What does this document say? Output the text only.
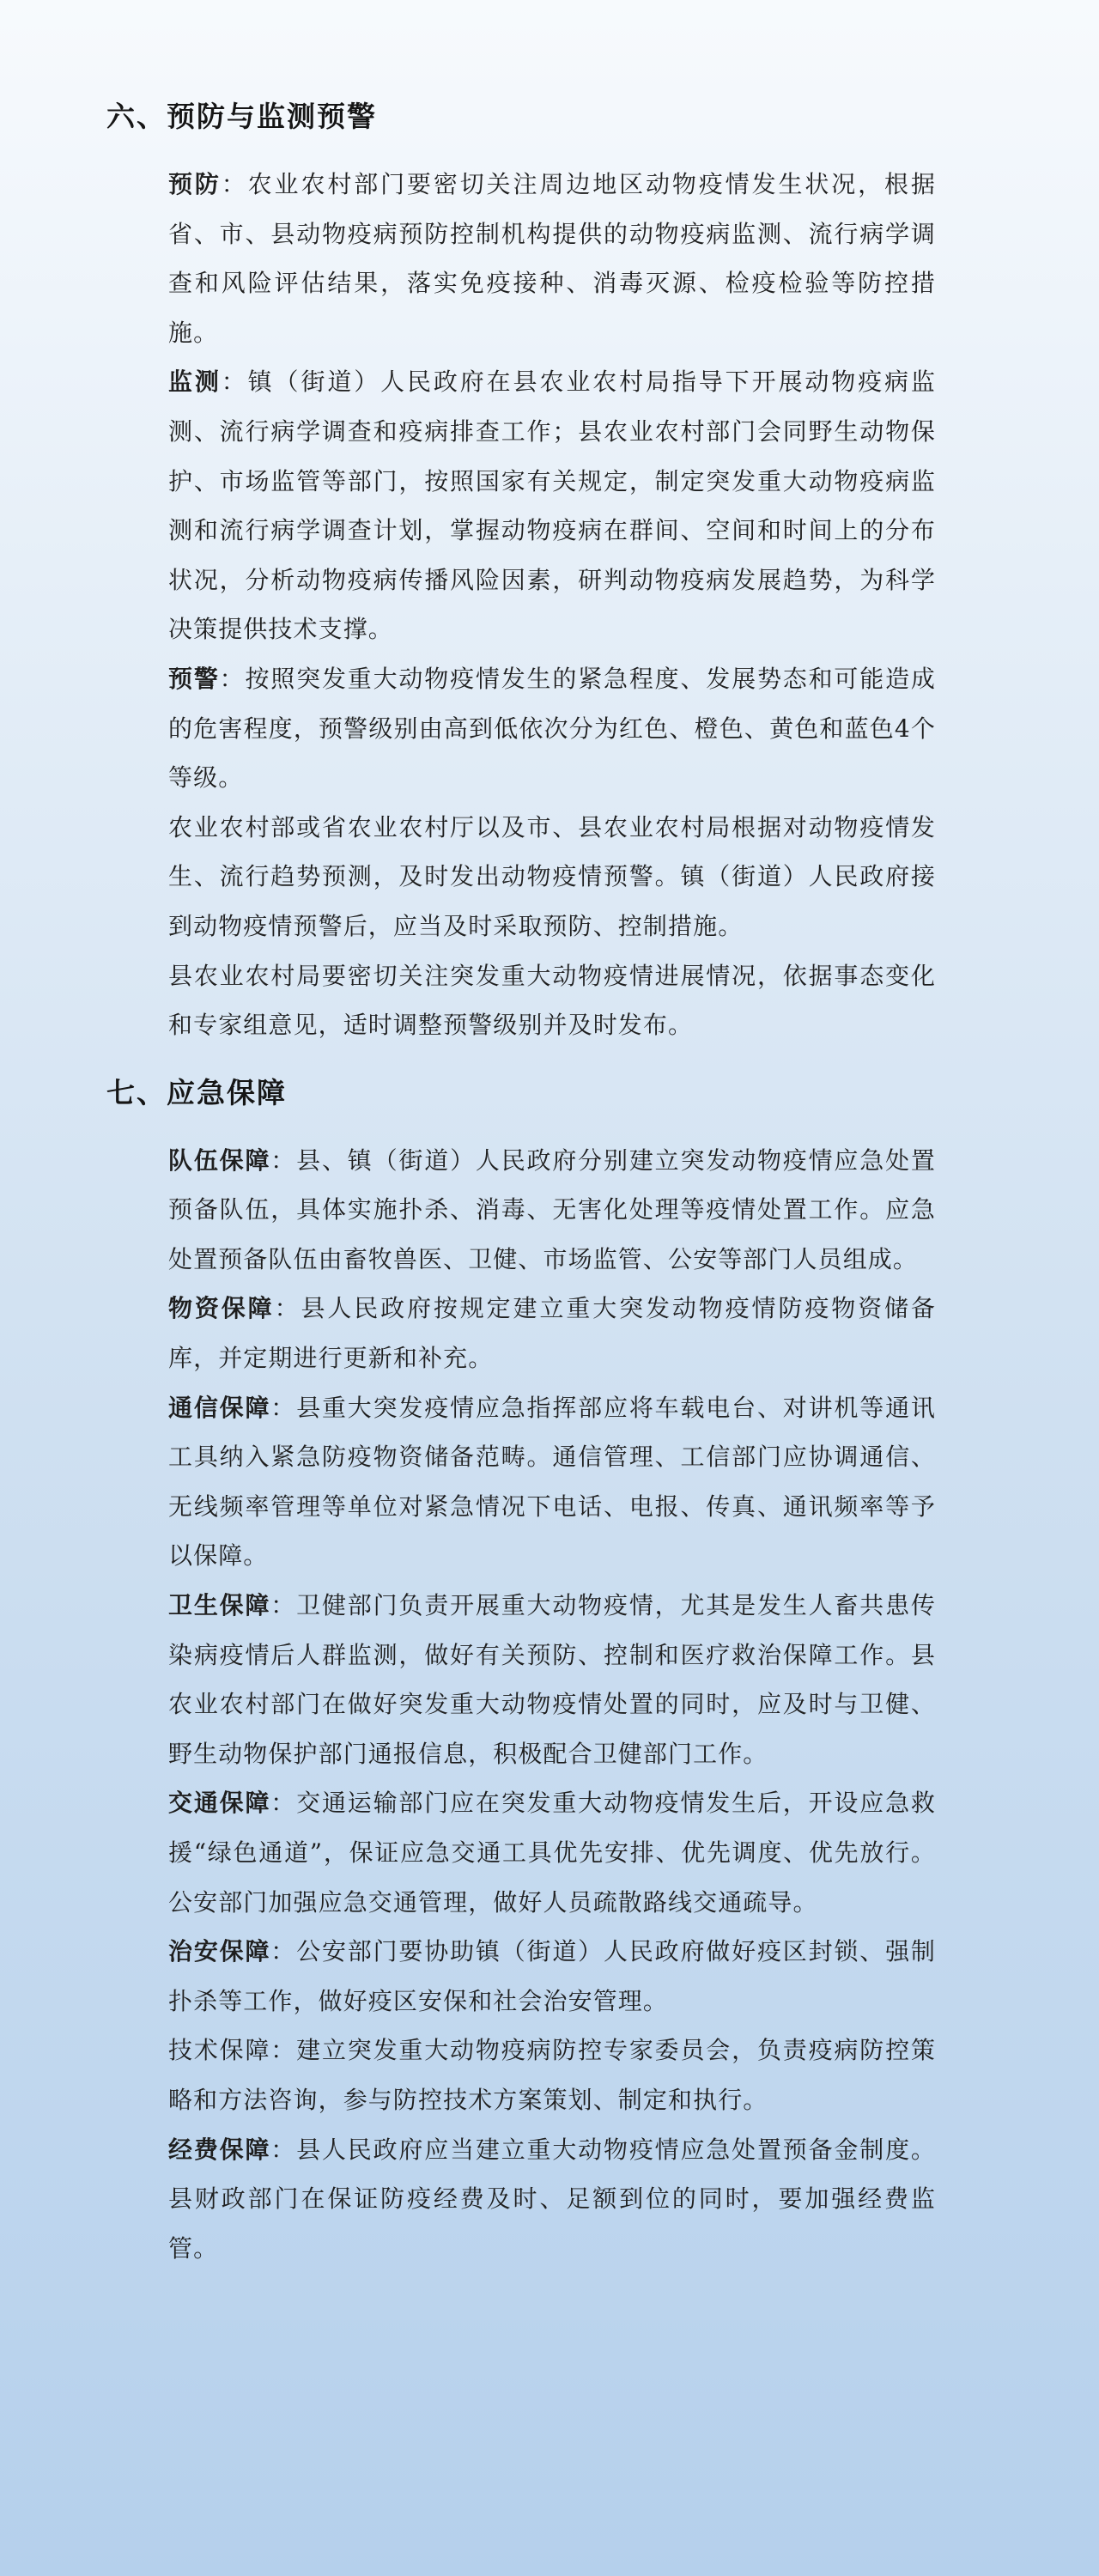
六、预防与监测预警

预防：农业农村部门要密切关注周边地区动物疫情发生状况，根据省、市、县动物疫病预防控制机构提供的动物疫病监测、流行病学调查和风险评估结果，落实免疫接种、消毒灭源、检疫检验等防控措施。

监测：镇（街道）人民政府在县农业农村局指导下开展动物疫病监测、流行病学调查和疫病排查工作；县农业农村部门会同野生动物保护、市场监管等部门，按照国家有关规定，制定突发重大动物疫病监测和流行病学调查计划，掌握动物疫病在群间、空间和时间上的分布状况，分析动物疫病传播风险因素，研判动物疫病发展趋势，为科学决策提供技术支撑。

预警：按照突发重大动物疫情发生的紧急程度、发展势态和可能造成的危害程度，预警级别由高到低依次分为红色、橙色、黄色和蓝色4个等级。

农业农村部或省农业农村厅以及市、县农业农村局根据对动物疫情发生、流行趋势预测，及时发出动物疫情预警。镇（街道）人民政府接到动物疫情预警后，应当及时采取预防、控制措施。

县农业农村局要密切关注突发重大动物疫情进展情况，依据事态变化和专家组意见，适时调整预警级别并及时发布。

七、应急保障

队伍保障：县、镇（街道）人民政府分别建立突发动物疫情应急处置预备队伍，具体实施扑杀、消毒、无害化处理等疫情处置工作。应急处置预备队伍由畜牧兽医、卫健、市场监管、公安等部门人员组成。

物资保障：县人民政府按规定建立重大突发动物疫情防疫物资储备库，并定期进行更新和补充。

通信保障：县重大突发疫情应急指挥部应将车载电台、对讲机等通讯工具纳入紧急防疫物资储备范畴。通信管理、工信部门应协调通信、无线频率管理等单位对紧急情况下电话、电报、传真、通讯频率等予以保障。

卫生保障：卫健部门负责开展重大动物疫情，尤其是发生人畜共患传染病疫情后人群监测，做好有关预防、控制和医疗救治保障工作。县农业农村部门在做好突发重大动物疫情处置的同时，应及时与卫健、野生动物保护部门通报信息，积极配合卫健部门工作。

交通保障：交通运输部门应在突发重大动物疫情发生后，开设应急救援“绿色通道”，保证应急交通工具优先安排、优先调度、优先放行。公安部门加强应急交通管理，做好人员疏散路线交通疏导。

治安保障：公安部门要协助镇（街道）人民政府做好疫区封锁、强制扑杀等工作，做好疫区安保和社会治安管理。

技术保障：建立突发重大动物疫病防控专家委员会，负责疫病防控策略和方法咨询，参与防控技术方案策划、制定和执行。

经费保障：县人民政府应当建立重大动物疫情应急处置预备金制度。县财政部门在保证防疫经费及时、足额到位的同时，要加强经费监管。
